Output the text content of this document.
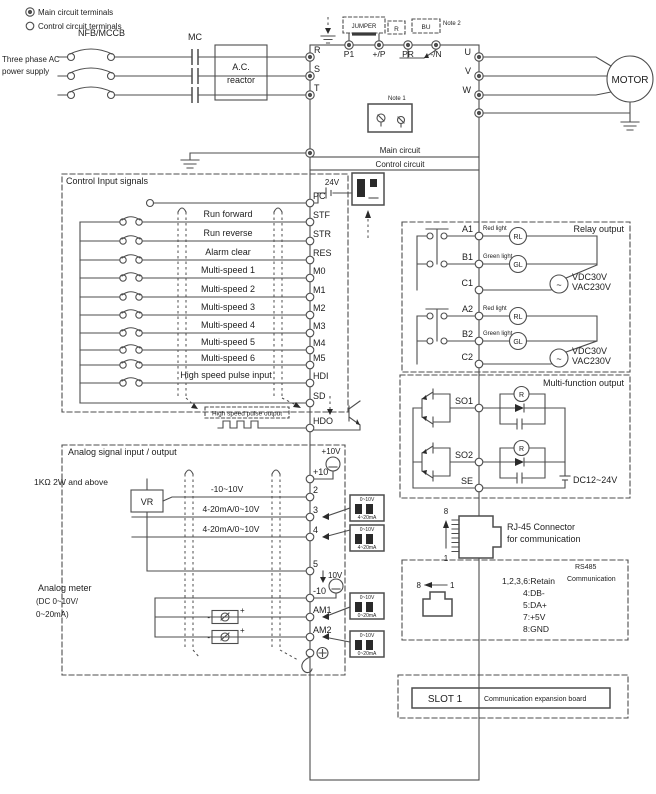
Main circuit terminals
Control circuit terminals
Three phase AC
power supply
NFB/MCCB	MC
A.C.
reactor
JUMPER	R	BU Note 2
P1 +/P PR -/N
R
S
T
Note 1
Main circuit
U
V
W
MOTOR
Control circuit
Control Input signals	24V
PC
Run forward	STF
Run reverse	STR
Alarm clear	RES
Multi-speed 1	M0
Multi-speed 2	M1
Multi-speed 3	M2
Multi-speed 4	M3
Multi-speed 5	M4
Multi-speed 6	M5
High speed pulse input	HDI
SD
High speed pulse output
HDO
Analog signal input / output
1KΩ 2W and above
VR
-10~10V
4-20mA/0~10V
4-20mA/0~10V
+10V
10V
+10
2
3
4
5
-10
AM1
AM2
Analog meter
(DC 0~10V/
0~20mA)	-
+
-
+
0~10V
4~20mA
0~10V
4~20mA
0~10V
0~20mA
0~10V
0~20mA
Relay output
A1
B1
C1
Red light
Green light
RL
GL
~
VDC30V
VAC230V
A2
B2
C2
Red light
Green light
RL
GL
~
VDC30V
VAC230V
Multi-function output
SO1
SO2
SE
R
R
DC12~24V
8
1
RJ-45 Connector
for communication
RS485
Communication
8	1	1,2,3,6:Retain
4:DB-
5:DA+
7:+5V
8:GND
SLOT 1	Communication expansion board
